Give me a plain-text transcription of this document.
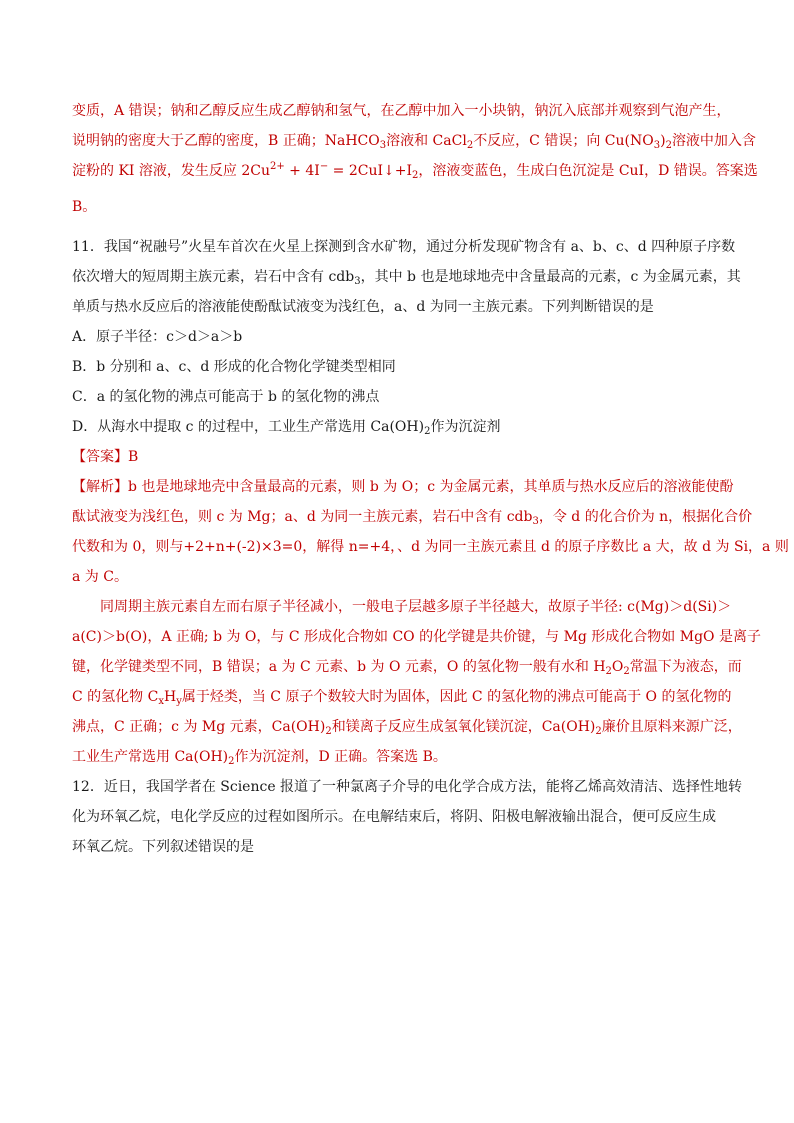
变质，A 错误；钠和乙醇反应生成乙醇钠和氢气，在乙醇中加入一小块钠，钠沉入底部并观察到气泡产生，
说明钠的密度大于乙醇的密度，B 正确；NaHCO$_3$溶液和 CaCl$_2$不反应，C 错误；向 $Cu(NO_3)_2$溶液中加入含
淀粉的 KI 溶液，发生反应 $2Cu^{2+} + 4I^-$ = $2CuI↓+I_2$，溶液变蓝色，生成白色沉淀是 CuI，D 错误。答案选
B。
11．我国“祝融号”火星车首次在火星上探测到含水矿物，通过分析发现矿物含有 a、b、c、d 四种原子序数
依次增大的短周期主族元素，岩石中含有 cdb$_3$，其中 b 也是地球地壳中含量最高的元素，c 为金属元素，其
单质与热水反应后的溶液能使酚酞试液变为浅红色，a、d 为同一主族元素。下列判断错误的是
A．原子半径：c＞d＞a＞b
B．b 分别和 a、c、d 形成的化合物化学键类型相同
C．a 的氢化物的沸点可能高于 b 的氢化物的沸点
D．从海水中提取 c 的过程中，工业生产常选用 $Ca(OH)_2$作为沉淀剂
【答案】B
【解析】b 也是地球地壳中含量最高的元素，则 b 为 O；c 为金属元素，其单质与热水反应后的溶液能使酚
酞试液变为浅红色，则 c 为 Mg；a、d 为同一主族元素，岩石中含有 cdb$_3$，令 d 的化合价为 n，根据化合价
代数和为 0，则与+2+n+(-2)×3=0，解得 n=+4，、d 为同一主族元素且 d 的原子序数比 a 大，故 d 为 Si，a 则
a 为 C。
同周期主族元素自左而右原子半径减小，一般电子层越多原子半径越大，故原子半径: c(Mg)＞d(Si)＞
a(C)＞b(O)，A 正确; b 为 O，与 C 形成化合物如 CO 的化学键是共价键，与 Mg 形成化合物如 MgO 是离子
键，化学键类型不同，B 错误；a 为 C 元素、b 为 O 元素，O 的氢化物一般有水和 $H_2O_2$常温下为液态，而
C 的氢化物 $C_xH_y$属于烃类，当 C 原子个数较大时为固体，因此 C 的氢化物的沸点可能高于 O 的氢化物的
沸点，C 正确；c 为 Mg 元素，$Ca(OH)_2$和镁离子反应生成氢氧化镁沉淀，$Ca(OH)_2$廉价且原料来源广泛，
工业生产常选用 $Ca(OH)_2$作为沉淀剂，D 正确。答案选 B。
12．近日，我国学者在 Science 报道了一种氯离子介导的电化学合成方法，能将乙烯高效清洁、选择性地转
化为环氧乙烷，电化学反应的过程如图所示。在电解结束后，将阴、阳极电解液输出混合，便可反应生成
环氧乙烷。下列叙述错误的是
